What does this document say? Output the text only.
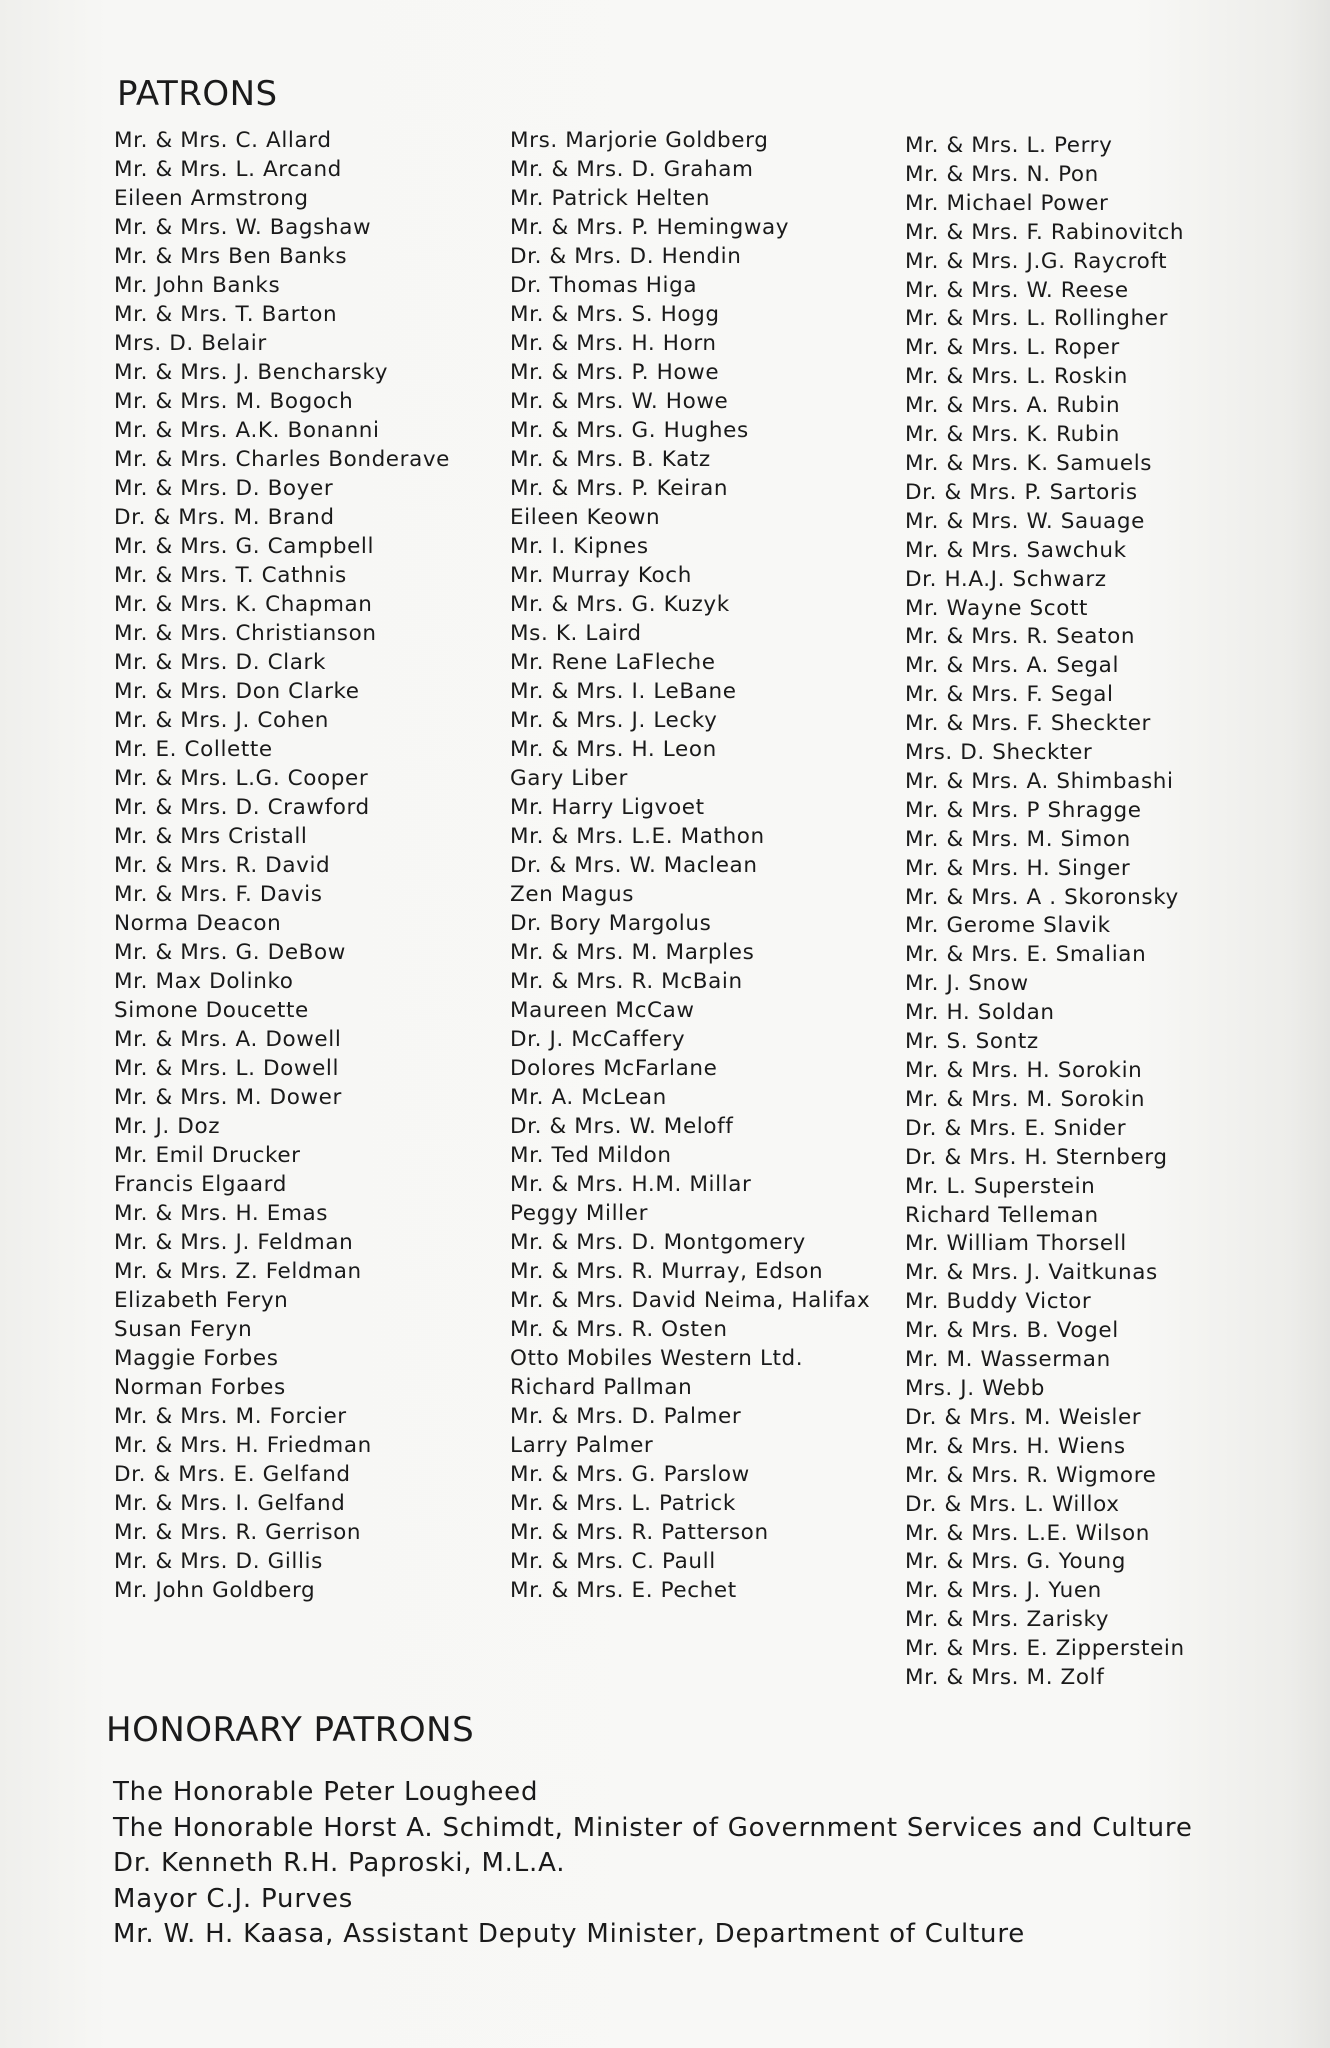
PATRONS
Mr. & Mrs. C. Allard
Mr. & Mrs. L. Arcand
Eileen Armstrong
Mr. & Mrs. W. Bagshaw
Mr. & Mrs Ben Banks
Mr. John Banks
Mr. & Mrs. T. Barton
Mrs. D. Belair
Mr. & Mrs. J. Bencharsky
Mr. & Mrs. M. Bogoch
Mr. & Mrs. A.K. Bonanni
Mr. & Mrs. Charles Bonderave
Mr. & Mrs. D. Boyer
Dr. & Mrs. M. Brand
Mr. & Mrs. G. Campbell
Mr. & Mrs. T. Cathnis
Mr. & Mrs. K. Chapman
Mr. & Mrs. Christianson
Mr. & Mrs. D. Clark
Mr. & Mrs. Don Clarke
Mr. & Mrs. J. Cohen
Mr. E. Collette
Mr. & Mrs. L.G. Cooper
Mr. & Mrs. D. Crawford
Mr. & Mrs Cristall
Mr. & Mrs. R. David
Mr. & Mrs. F. Davis
Norma Deacon
Mr. & Mrs. G. DeBow
Mr. Max Dolinko
Simone Doucette
Mr. & Mrs. A. Dowell
Mr. & Mrs. L. Dowell
Mr. & Mrs. M. Dower
Mr. J. Doz
Mr. Emil Drucker
Francis Elgaard
Mr. & Mrs. H. Emas
Mr. & Mrs. J. Feldman
Mr. & Mrs. Z. Feldman
Elizabeth Feryn
Susan Feryn
Maggie Forbes
Norman Forbes
Mr. & Mrs. M. Forcier
Mr. & Mrs. H. Friedman
Dr. & Mrs. E. Gelfand
Mr. & Mrs. I. Gelfand
Mr. & Mrs. R. Gerrison
Mr. & Mrs. D. Gillis
Mr. John Goldberg
Mrs. Marjorie Goldberg
Mr. & Mrs. D. Graham
Mr. Patrick Helten
Mr. & Mrs. P. Hemingway
Dr. & Mrs. D. Hendin
Dr. Thomas Higa
Mr. & Mrs. S. Hogg
Mr. & Mrs. H. Horn
Mr. & Mrs. P. Howe
Mr. & Mrs. W. Howe
Mr. & Mrs. G. Hughes
Mr. & Mrs. B. Katz
Mr. & Mrs. P. Keiran
Eileen Keown
Mr. I. Kipnes
Mr. Murray Koch
Mr. & Mrs. G. Kuzyk
Ms. K. Laird
Mr. Rene LaFleche
Mr. & Mrs. I. LeBane
Mr. & Mrs. J. Lecky
Mr. & Mrs. H. Leon
Gary Liber
Mr. Harry Ligvoet
Mr. & Mrs. L.E. Mathon
Dr. & Mrs. W. Maclean
Zen Magus
Dr. Bory Margolus
Mr. & Mrs. M. Marples
Mr. & Mrs. R. McBain
Maureen McCaw
Dr. J. McCaffery
Dolores McFarlane
Mr. A. McLean
Dr. & Mrs. W. Meloff
Mr. Ted Mildon
Mr. & Mrs. H.M. Millar
Peggy Miller
Mr. & Mrs. D. Montgomery
Mr. & Mrs. R. Murray, Edson
Mr. & Mrs. David Neima, Halifax
Mr. & Mrs. R. Osten
Otto Mobiles Western Ltd.
Richard Pallman
Mr. & Mrs. D. Palmer
Larry Palmer
Mr. & Mrs. G. Parslow
Mr. & Mrs. L. Patrick
Mr. & Mrs. R. Patterson
Mr. & Mrs. C. Paull
Mr. & Mrs. E. Pechet
Mr. & Mrs. L. Perry
Mr. & Mrs. N. Pon
Mr. Michael Power
Mr. & Mrs. F. Rabinovitch
Mr. & Mrs. J.G. Raycroft
Mr. & Mrs. W. Reese
Mr. & Mrs. L. Rollingher
Mr. & Mrs. L. Roper
Mr. & Mrs. L. Roskin
Mr. & Mrs. A. Rubin
Mr. & Mrs. K. Rubin
Mr. & Mrs. K. Samuels
Dr. & Mrs. P. Sartoris
Mr. & Mrs. W. Sauage
Mr. & Mrs. Sawchuk
Dr. H.A.J. Schwarz
Mr. Wayne Scott
Mr. & Mrs. R. Seaton
Mr. & Mrs. A. Segal
Mr. & Mrs. F. Segal
Mr. & Mrs. F. Sheckter
Mrs. D. Sheckter
Mr. & Mrs. A. Shimbashi
Mr. & Mrs. P Shragge
Mr. & Mrs. M. Simon
Mr. & Mrs. H. Singer
Mr. & Mrs. A . Skoronsky
Mr. Gerome Slavik
Mr. & Mrs. E. Smalian
Mr. J. Snow
Mr. H. Soldan
Mr. S. Sontz
Mr. & Mrs. H. Sorokin
Mr. & Mrs. M. Sorokin
Dr. & Mrs. E. Snider
Dr. & Mrs. H. Sternberg
Mr. L. Superstein
Richard Telleman
Mr. William Thorsell
Mr. & Mrs. J. Vaitkunas
Mr. Buddy Victor
Mr. & Mrs. B. Vogel
Mr. M. Wasserman
Mrs. J. Webb
Dr. & Mrs. M. Weisler
Mr. & Mrs. H. Wiens
Mr. & Mrs. R. Wigmore
Dr. & Mrs. L. Willox
Mr. & Mrs. L.E. Wilson
Mr. & Mrs. G. Young
Mr. & Mrs. J. Yuen
Mr. & Mrs. Zarisky
Mr. & Mrs. E. Zipperstein
Mr. & Mrs. M. Zolf
HONORARY PATRONS
The Honorable Peter Lougheed
The Honorable Horst A. Schimdt, Minister of Government Services and Culture
Dr. Kenneth R.H. Paproski, M.L.A.
Mayor C.J. Purves
Mr. W. H. Kaasa, Assistant Deputy Minister, Department of Culture
